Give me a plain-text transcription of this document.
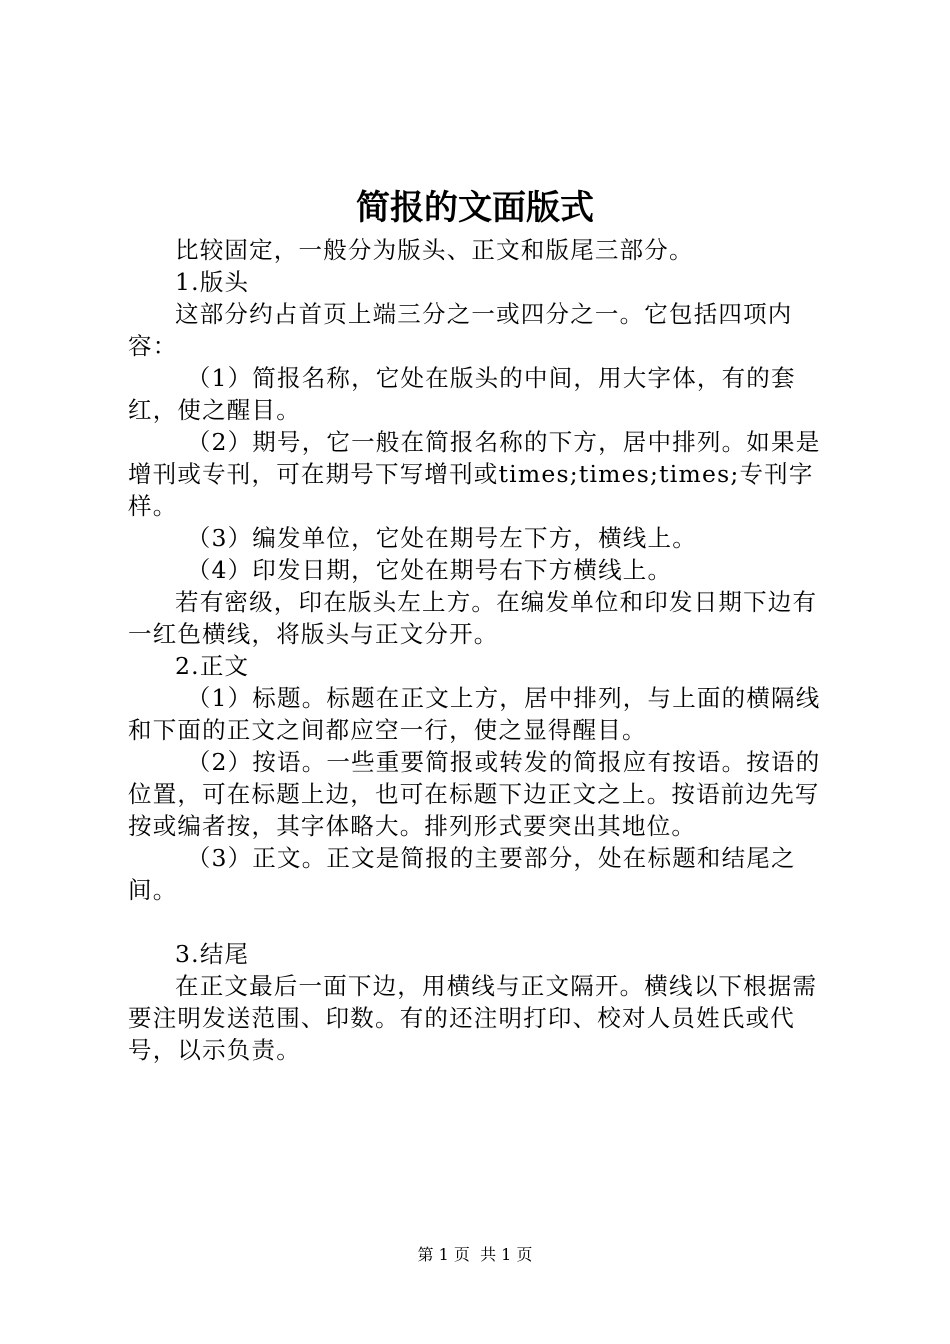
简报的文面版式

比较固定，一般分为版头、正文和版尾三部分。

1.版头

这部分约占首页上端三分之一或四分之一。它包括四项内容：

（1）简报名称，它处在版头的中间，用大字体，有的套红，使之醒目。

（2）期号，它一般在简报名称的下方，居中排列。如果是增刊或专刊，可在期号下写增刊或times;times;times;专刊字样。

（3）编发单位，它处在期号左下方，横线上。

（4）印发日期，它处在期号右下方横线上。

若有密级，印在版头左上方。在编发单位和印发日期下边有一红色横线，将版头与正文分开。

2.正文

（1）标题。标题在正文上方，居中排列，与上面的横隔线和下面的正文之间都应空一行，使之显得醒目。

（2）按语。一些重要简报或转发的简报应有按语。按语的位置，可在标题上边，也可在标题下边正文之上。按语前边先写按或编者按，其字体略大。排列形式要突出其地位。

（3）正文。正文是简报的主要部分，处在标题和结尾之间。

3.结尾

在正文最后一面下边，用横线与正文隔开。横线以下根据需要注明发送范围、印数。有的还注明打印、校对人员姓氏或代号，以示负责。

第 1 页 共 1 页
